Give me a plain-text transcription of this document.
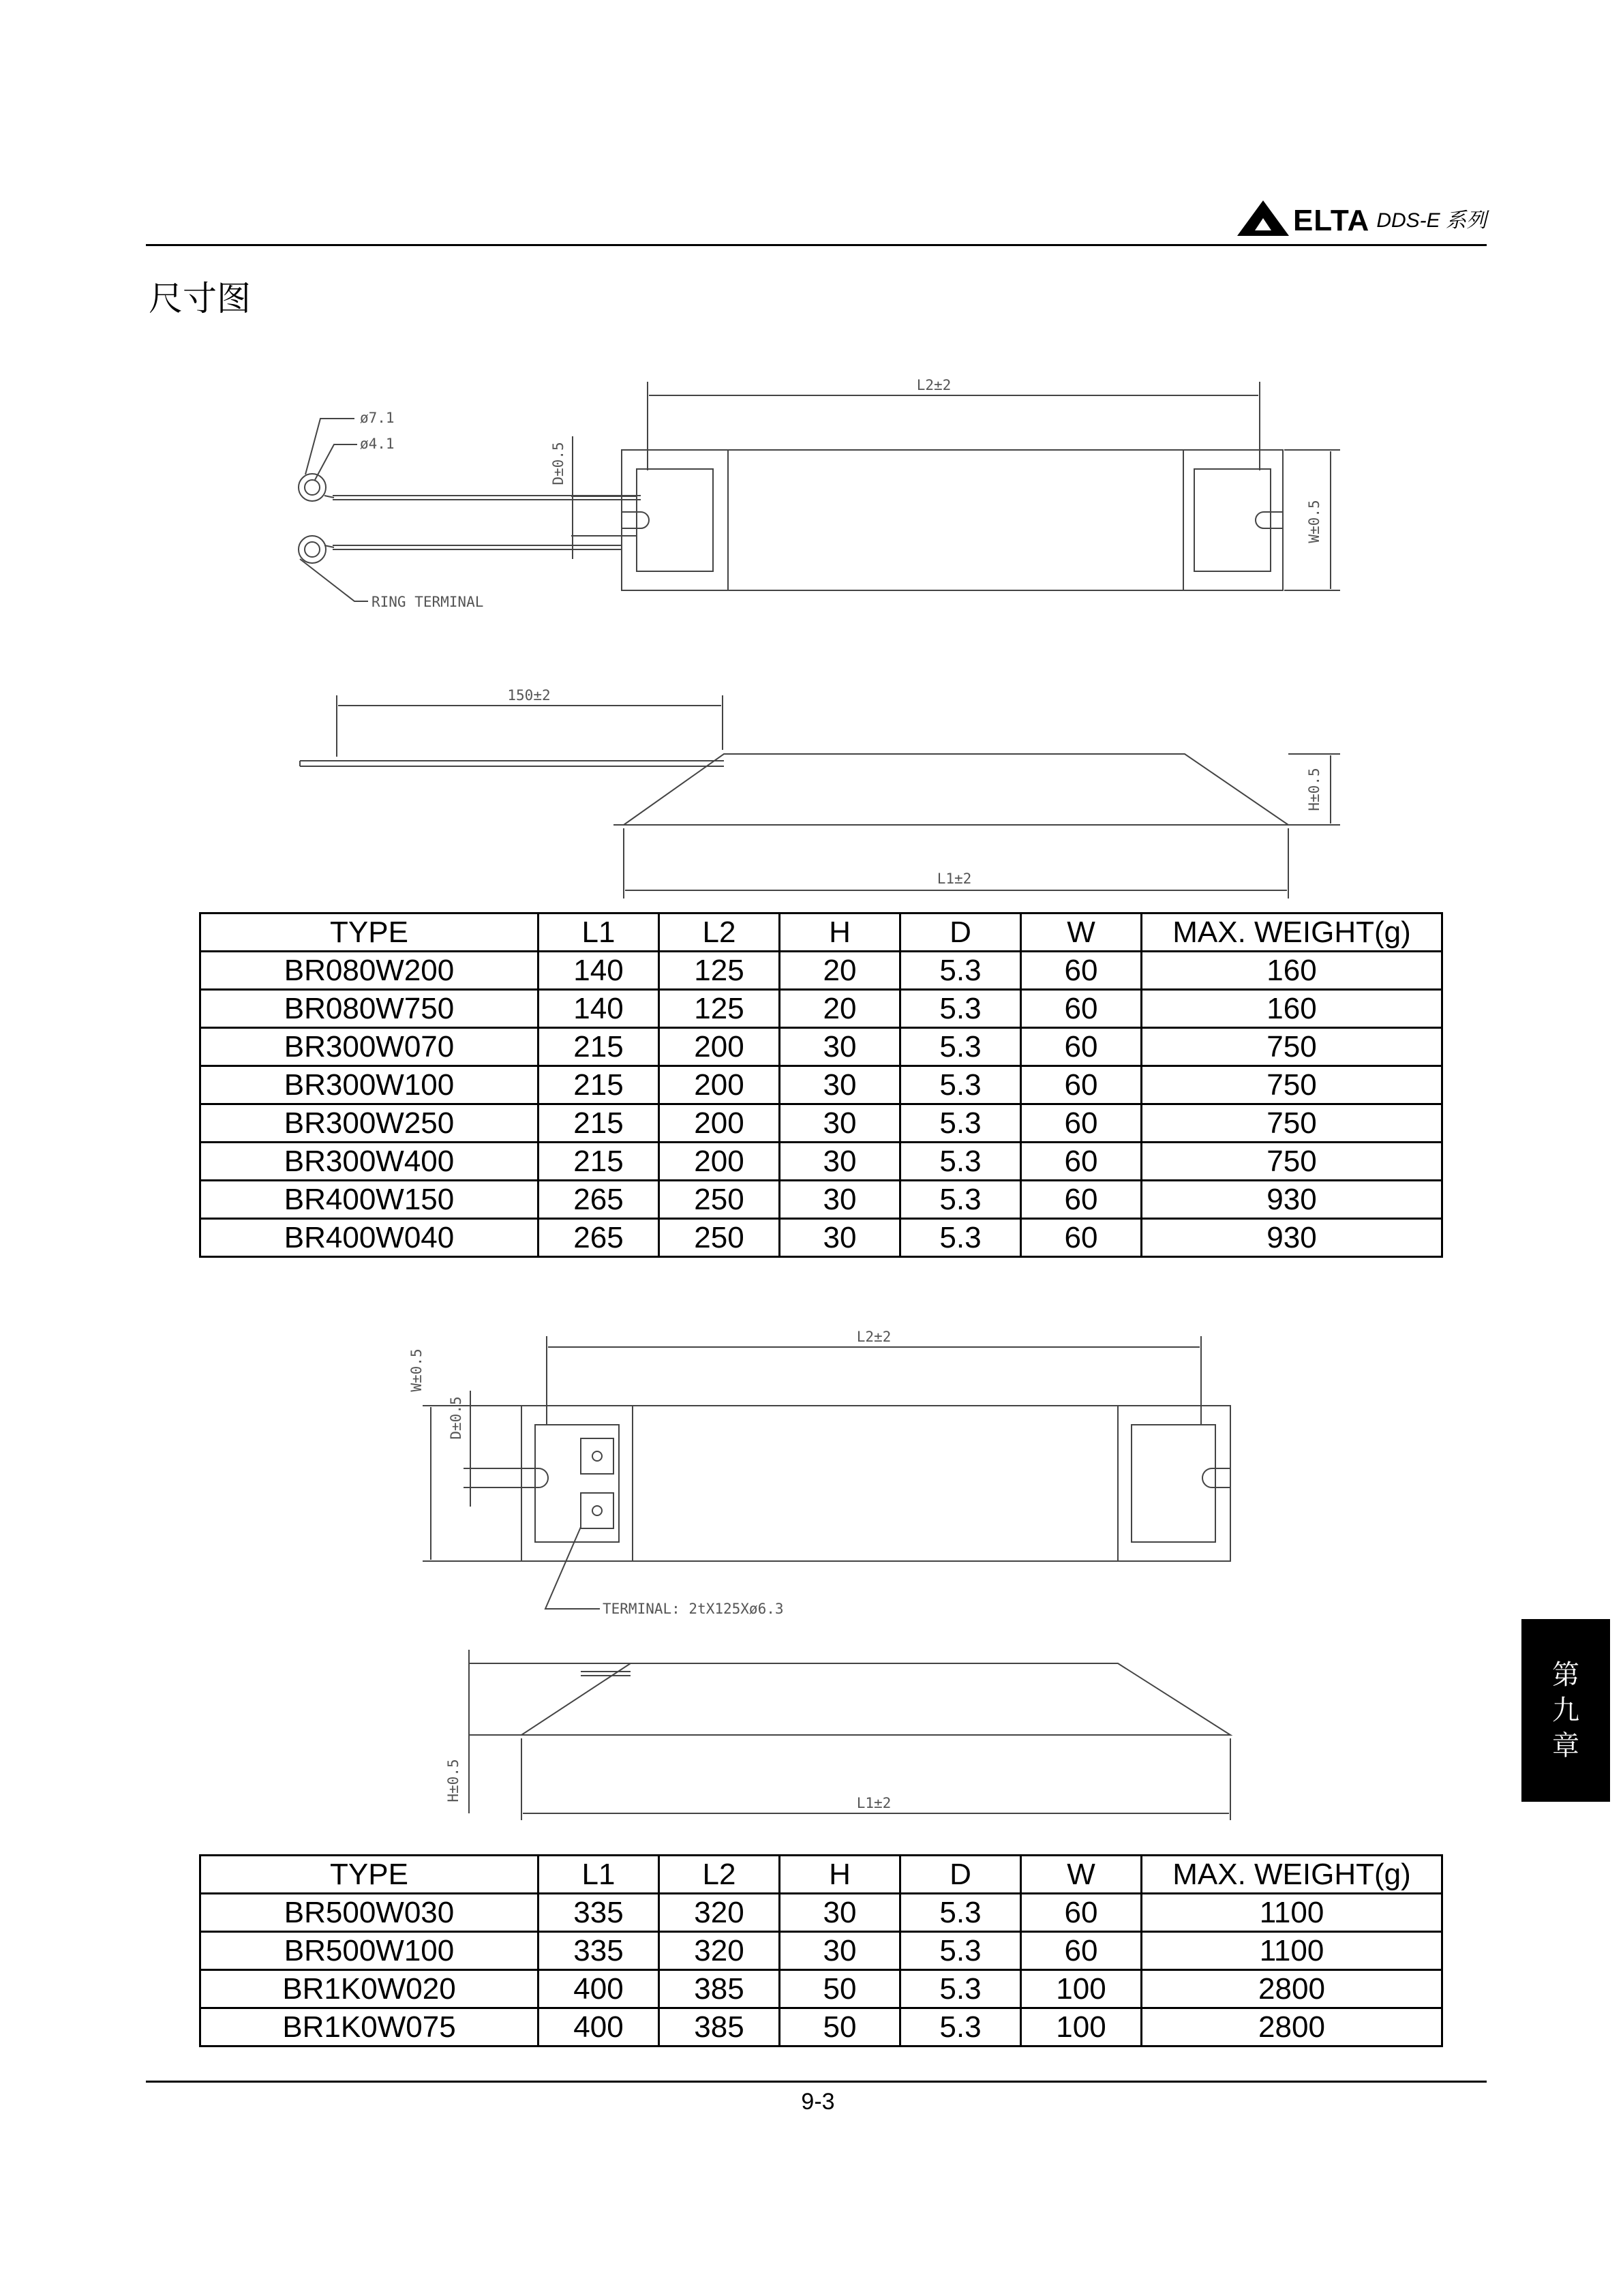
ELTA DDS-E 系列
尺寸图
L2±2
W±0.5
D±0.5
ø7.1
ø4.1
RING TERMINAL
150±2
H±0.5
L1±2
TYPE	L1	L2	H	D	W	MAX. WEIGHT(g)
BR080W200	140	125	20	5.3	60	160
BR080W750	140	125	20	5.3	60	160
BR300W070	215	200	30	5.3	60	750
BR300W100	215	200	30	5.3	60	750
BR300W250	215	200	30	5.3	60	750
BR300W400	215	200	30	5.3	60	750
BR400W150	265	250	30	5.3	60	930
BR400W040	265	250	30	5.3	60	930
L2±2
W±0.5
D±0.5
TERMINAL: 2tX125Xø6.3
H±0.5
L1±2
TYPE	L1	L2	H	D	W	MAX. WEIGHT(g)
BR500W030	335	320	30	5.3	60	1100
BR500W100	335	320	30	5.3	60	1100
BR1K0W020	400	385	50	5.3	100	2800
BR1K0W075	400	385	50	5.3	100	2800
9-3
第
九
章
